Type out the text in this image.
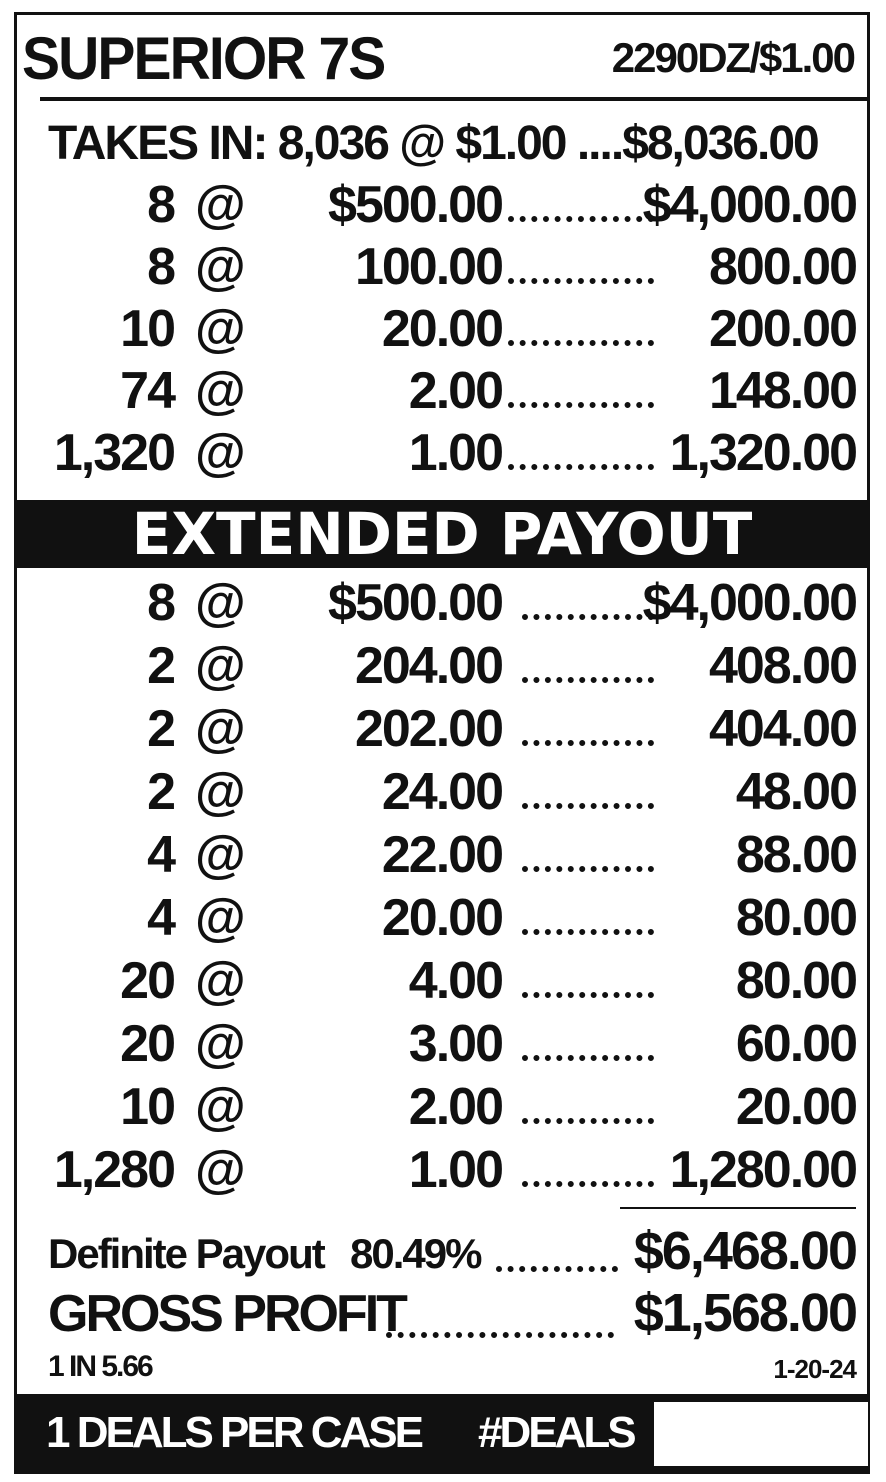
SUPERIOR 7S	2290DZ/$1.00
TAKES IN: 8,036 @ $1.00 ....$8,036.00
8 @ $500.00	$4,000.00
8 @ 100.00	800.00
10 @	20.00	200.00
74 @	2.00	148.00
1,320 @	1.00	1,320.00
EXTENDED PAYOUT
8 @ $500.00	$4,000.00
2 @ 204.00	408.00
2 @ 202.00	404.00
2 @	24.00	48.00
4 @	22.00	88.00
4 @	20.00	80.00
20 @	4.00	80.00
20 @	3.00	60.00
10 @	2.00	20.00
1,280 @	1.00	1,280.00
Definite Payout 80.49%	$6,468.00
GROSS PROFIT	$1,568.00
1 IN 5.66	1-20-24
1 DEALS PER CASE #DEALS
